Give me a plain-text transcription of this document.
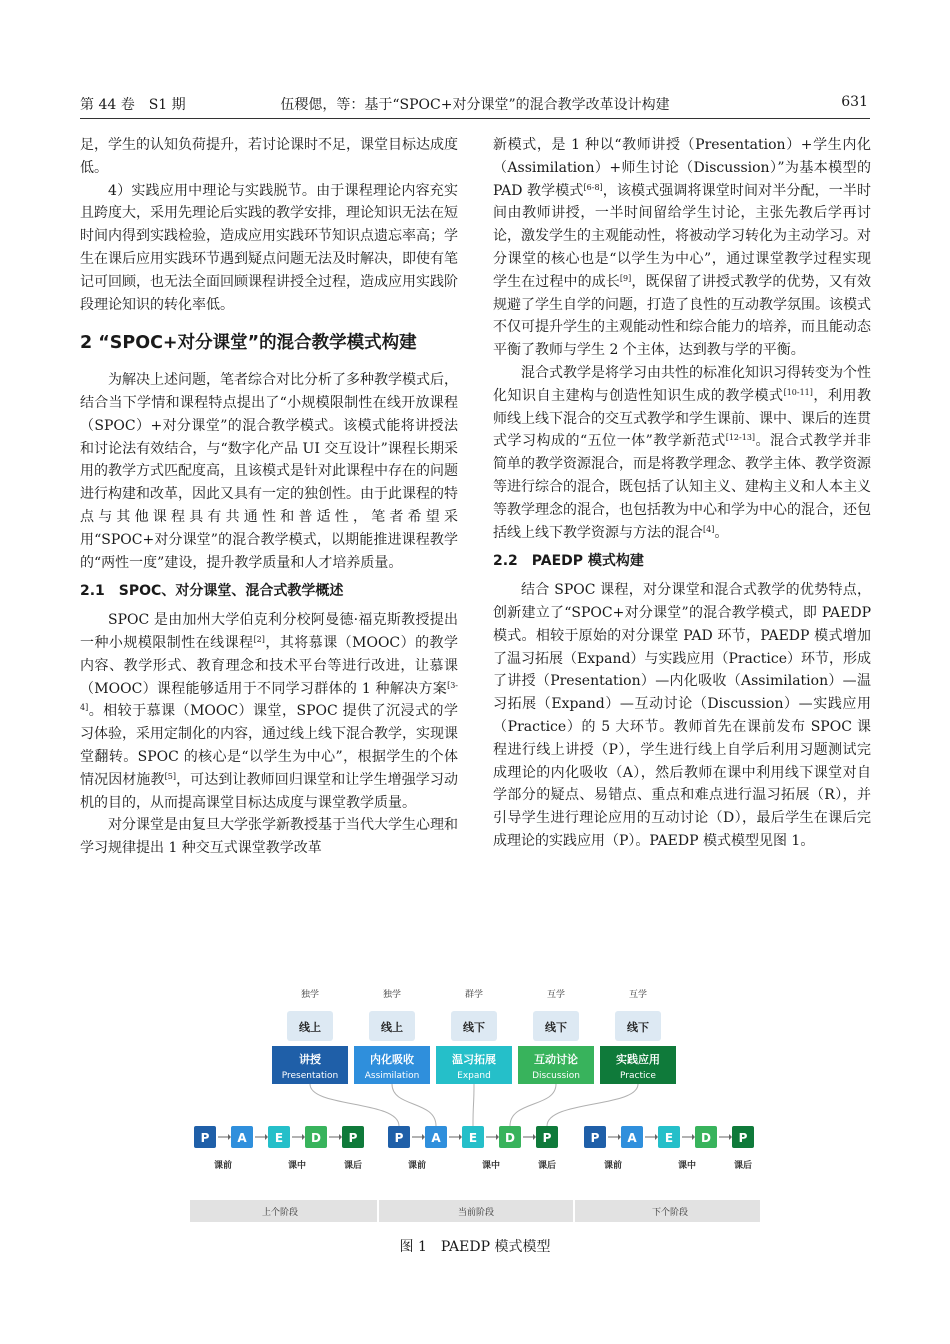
第 44 卷　S1 期	伍稷偲，等：基于“SPOC+对分课堂”的混合教学改革设计构建	631

足，学生的认知负荷提升，若讨论课时不足，课堂目标达成度低。

4）实践应用中理论与实践脱节。由于课程理论内容充实且跨度大，采用先理论后实践的教学安排，理论知识无法在短时间内得到实践检验，造成应用实践环节知识点遗忘率高；学生在课后应用实践环节遇到疑点问题无法及时解决，即使有笔记可回顾，也无法全面回顾课程讲授全过程，造成应用实践阶段理论知识的转化率低。

2 “SPOC+对分课堂”的混合教学模式构建

为解决上述问题，笔者综合对比分析了多种教学模式后，结合当下学情和课程特点提出了“小规模限制性在线开放课程（SPOC）+对分课堂”的混合教学模式。该模式能将讲授法和讨论法有效结合，与“数字化产品 UI 交互设计”课程长期采用的教学方式匹配度高，且该模式是针对此课程中存在的问题进行构建和改革，因此又具有一定的独创性。由于此课程的特点与其他课程具有共通性和普适性，笔者希望采用“SPOC+对分课堂”的混合教学模式，以期能推进课程教学的“两性一度”建设，提升教学质量和人才培养质量。

2.1　SPOC、对分课堂、混合式教学概述

SPOC 是由加州大学伯克利分校阿曼德·福克斯教授提出一种小规模限制性在线课程[2]，其将慕课（MOOC）的教学内容、教学形式、教育理念和技术平台等进行改进，让慕课（MOOC）课程能够适用于不同学习群体的 1 种解决方案[3-4]。相较于慕课（MOOC）课堂，SPOC 提供了沉浸式的学习体验，采用定制化的内容，通过线上线下混合教学，实现课堂翻转。SPOC 的核心是“以学生为中心”，根据学生的个体情况因材施教[5]，可达到让教师回归课堂和让学生增强学习动机的目的，从而提高课堂目标达成度与课堂教学质量。

对分课堂是由复旦大学张学新教授基于当代大学生心理和学习规律提出 1 种交互式课堂教学改革

新模式，是 1 种以“教师讲授（Presentation）+学生内化（Assimilation）+师生讨论（Discussion）”为基本模型的 PAD 教学模式[6-8]，该模式强调将课堂时间对半分配，一半时间由教师讲授，一半时间留给学生讨论，主张先教后学再讨论，激发学生的主观能动性，将被动学习转化为主动学习。对分课堂的核心也是“以学生为中心”，通过课堂教学过程实现学生在过程中的成长[9]，既保留了讲授式教学的优势，又有效规避了学生自学的问题，打造了良性的互动教学氛围。该模式不仅可提升学生的主观能动性和综合能力的培养，而且能动态平衡了教师与学生 2 个主体，达到教与学的平衡。

混合式教学是将学习由共性的标准化知识习得转变为个性化知识自主建构与创造性知识生成的教学模式[10-11]，利用教师线上线下混合的交互式教学和学生课前、课中、课后的连贯式学习构成的“五位一体”教学新范式[12-13]。混合式教学并非简单的教学资源混合，而是将教学理念、教学主体、教学资源等进行综合的混合，既包括了认知主义、建构主义和人本主义等教学理念的混合，也包括教为中心和学为中心的混合，还包括线上线下教学资源与方法的混合[4]。

2.2　PAEDP 模式构建

结合 SPOC 课程，对分课堂和混合式教学的优势特点，创新建立了“SPOC+对分课堂”的混合教学模式，即 PAEDP 模式。相较于原始的对分课堂 PAD 环节，PAEDP 模式增加了温习拓展（Expand）与实践应用（Practice）环节，形成了讲授（Presentation）—内化吸收（Assimilation）—温习拓展（Expand）—互动讨论（Discussion）—实践应用（Practice）的 5 大环节。教师首先在课前发布 SPOC 课程进行线上讲授（P），学生进行线上自学后利用习题测试完成理论的内化吸收（A），然后教师在课中利用线下课堂对自学部分的疑点、易错点、重点和难点进行温习拓展（R），并引导学生进行理论应用的互动讨论（D），最后学生在课后完成理论的实践应用（P）。PAEDP 模式模型见图 1。

上个阶段	当前阶段	下个阶段
独学
线上
讲授
Presentation
独学
线上
内化吸收
Assimilation
群学
线下
温习拓展
Expand
互学
线下
互动讨论
Discussion
互学
线下
实践应用
Practice
P A E D P
课前	课中	课后
P A E D P
课前	课中	课后
P A E D P
课前	课中	课后
图 1　PAEDP 模式模型
